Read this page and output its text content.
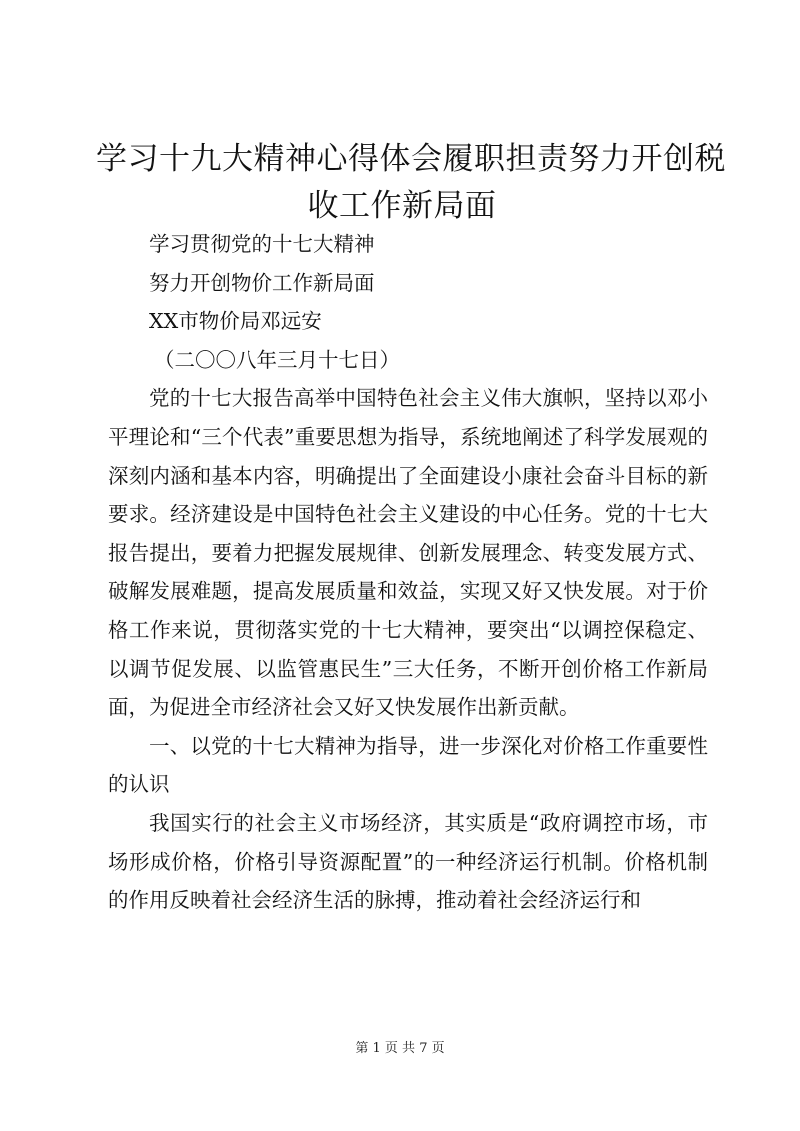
学习十九大精神心得体会履职担责努力开创税
收工作新局面

学习贯彻党的十七大精神

努力开创物价工作新局面

XX市物价局邓远安

（二〇〇八年三月十七日）

党的十七大报告高举中国特色社会主义伟大旗帜，坚持以邓小平理论和“三个代表”重要思想为指导，系统地阐述了科学发展观的深刻内涵和基本内容，明确提出了全面建设小康社会奋斗目标的新要求。经济建设是中国特色社会主义建设的中心任务。党的十七大报告提出，要着力把握发展规律、创新发展理念、转变发展方式、破解发展难题，提高发展质量和效益，实现又好又快发展。对于价格工作来说，贯彻落实党的十七大精神，要突出“以调控保稳定、以调节促发展、以监管惠民生”三大任务，不断开创价格工作新局面，为促进全市经济社会又好又快发展作出新贡献。

一、以党的十七大精神为指导，进一步深化对价格工作重要性的认识

我国实行的社会主义市场经济，其实质是“政府调控市场，市场形成价格，价格引导资源配置”的一种经济运行机制。价格机制的作用反映着社会经济生活的脉搏，推动着社会经济运行和

第 1 页 共 7 页
